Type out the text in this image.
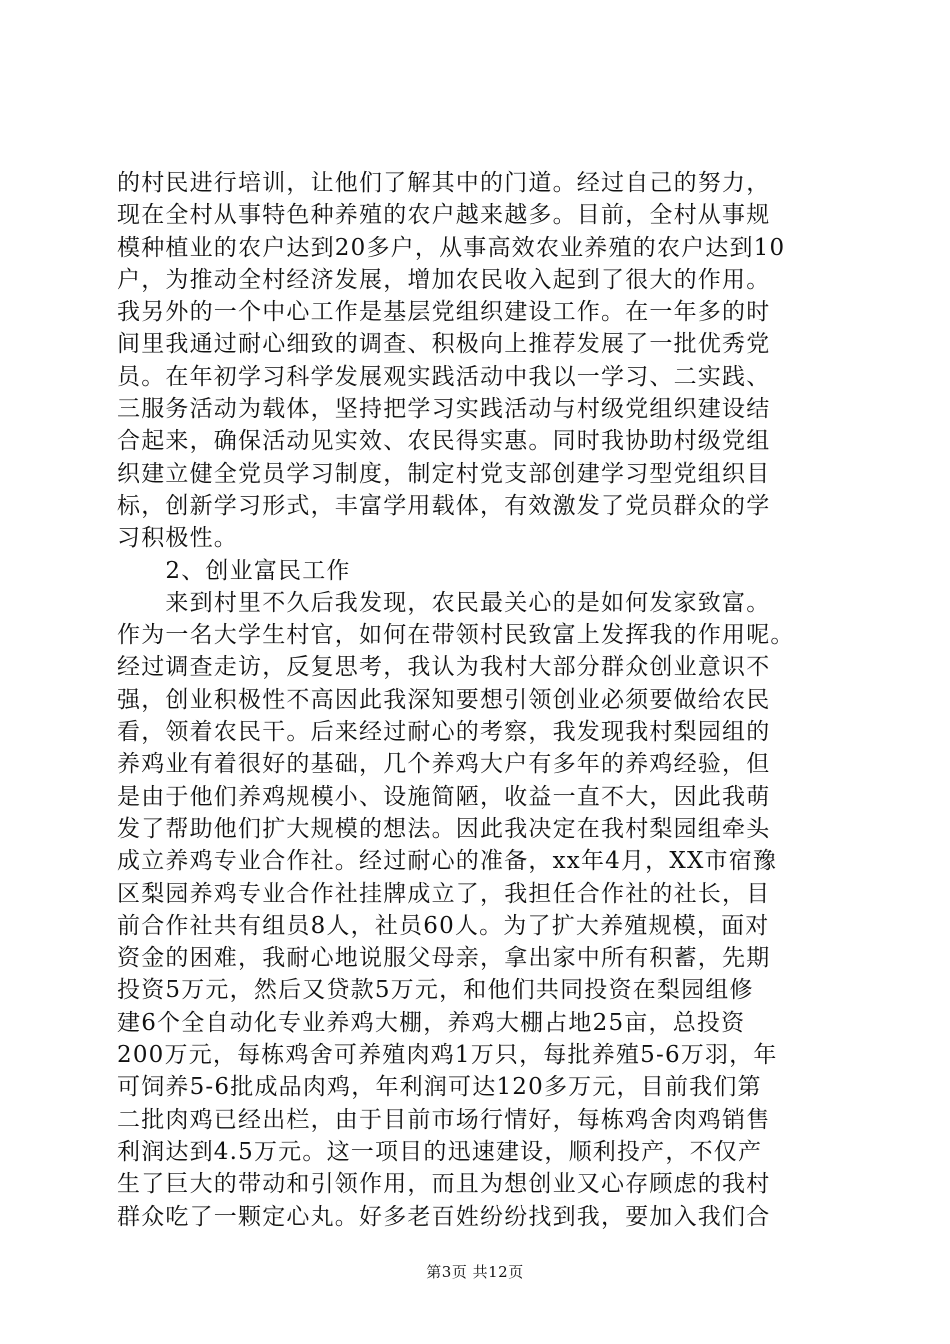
的村民进行培训，让他们了解其中的门道。经过自己的努力，
现在全村从事特色种养殖的农户越来越多。目前，全村从事规
模种植业的农户达到20多户，从事高效农业养殖的农户达到10
户，为推动全村经济发展，增加农民收入起到了很大的作用。
我另外的一个中心工作是基层党组织建设工作。在一年多的时
间里我通过耐心细致的调查、积极向上推荐发展了一批优秀党
员。在年初学习科学发展观实践活动中我以一学习、二实践、
三服务活动为载体，坚持把学习实践活动与村级党组织建设结
合起来，确保活动见实效、农民得实惠。同时我协助村级党组
织建立健全党员学习制度，制定村党支部创建学习型党组织目
标，创新学习形式，丰富学用载体，有效激发了党员群众的学
习积极性。
　　2、创业富民工作
　　来到村里不久后我发现，农民最关心的是如何发家致富。
作为一名大学生村官，如何在带领村民致富上发挥我的作用呢。
经过调查走访，反复思考，我认为我村大部分群众创业意识不
强，创业积极性不高因此我深知要想引领创业必须要做给农民
看，领着农民干。后来经过耐心的考察，我发现我村梨园组的
养鸡业有着很好的基础，几个养鸡大户有多年的养鸡经验，但
是由于他们养鸡规模小、设施简陋，收益一直不大，因此我萌
发了帮助他们扩大规模的想法。因此我决定在我村梨园组牵头
成立养鸡专业合作社。经过耐心的准备，xx年4月，XX市宿豫
区梨园养鸡专业合作社挂牌成立了，我担任合作社的社长，目
前合作社共有组员8人，社员60人。为了扩大养殖规模，面对
资金的困难，我耐心地说服父母亲，拿出家中所有积蓄，先期
投资5万元，然后又贷款5万元，和他们共同投资在梨园组修
建6个全自动化专业养鸡大棚，养鸡大棚占地25亩，总投资
200万元，每栋鸡舍可养殖肉鸡1万只，每批养殖5-6万羽，年
可饲养5-6批成品肉鸡，年利润可达120多万元，目前我们第
二批肉鸡已经出栏，由于目前市场行情好，每栋鸡舍肉鸡销售
利润达到4.5万元。这一项目的迅速建设，顺利投产，不仅产
生了巨大的带动和引领作用，而且为想创业又心存顾虑的我村
群众吃了一颗定心丸。好多老百姓纷纷找到我，要加入我们合
第3页 共12页
